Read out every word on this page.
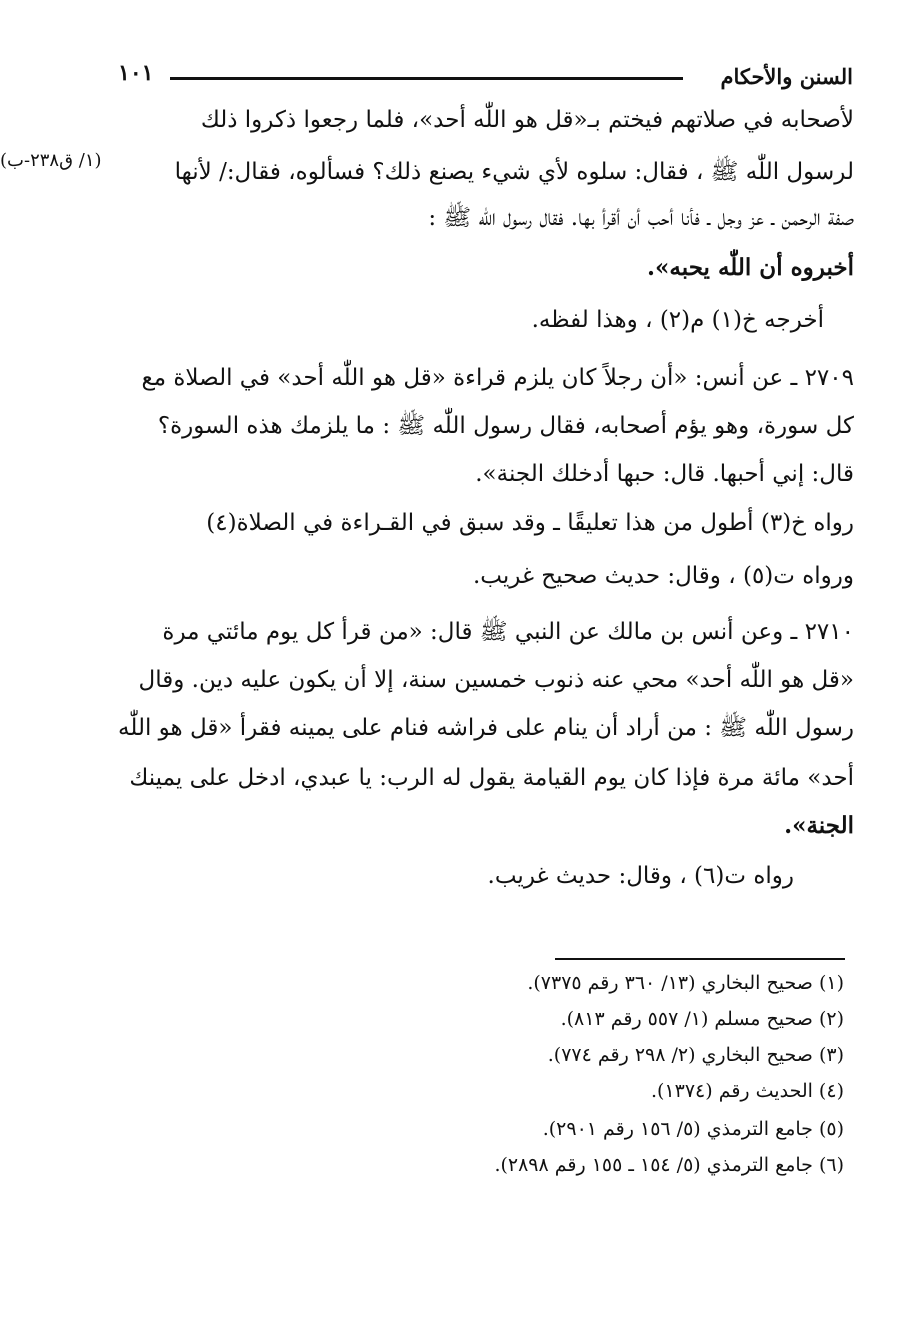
السنن والأحكام
١٠١
(١/ ق٢٣٨-ب)
لأصحابه في صلاتهم فيختم بـ«قل هو اللّٰه أحد»، فلما رجعوا ذكروا ذلك
لرسول اللّٰه ﷺ ، فقال: سلوه لأي شيء يصنع ذلك؟ فسألوه، فقال:/ لأنها
صفة الرحمن ـ عز وجل ـ فأنا أحب أن أقرأ بها. فقال رسول اللّٰه ﷺ :
أخبروه أن اللّٰه يحبه».
أخرجه خ(١) م(٢) ، وهذا لفظه.
٢٧٠٩ ـ عن أنس: «أن رجلاً كان يلزم قراءة «قل هو اللّٰه أحد» في الصلاة مع
كل سورة، وهو يؤم أصحابه، فقال رسول اللّٰه ﷺ : ما يلزمك هذه السورة؟
قال: إني أحبها. قال: حبها أدخلك الجنة».
رواه خ(٣) أطول من هذا تعليقًا ـ وقد سبق في القـراءة في الصلاة(٤)
ورواه ت(٥) ، وقال: حديث صحيح غريب.
٢٧١٠ ـ وعن أنس بن مالك عن النبي ﷺ قال: «من قرأ كل يوم مائتي مرة
«قل هو اللّٰه أحد» محي عنه ذنوب خمسين سنة، إلا أن يكون عليه دين. وقال
رسول اللّٰه ﷺ : من أراد أن ينام على فراشه فنام على يمينه فقرأ «قل هو اللّٰه
أحد» مائة مرة فإذا كان يوم القيامة يقول له الرب: يا عبدي، ادخل على يمينك
الجنة».
رواه ت(٦) ، وقال: حديث غريب.
(١) صحيح البخاري (١٣/ ٣٦٠ رقم ٧٣٧٥).
(٢) صحيح مسلم (١/ ٥٥٧ رقم ٨١٣).
(٣) صحيح البخاري (٢/ ٢٩٨ رقم ٧٧٤).
(٤) الحديث رقم (١٣٧٤).
(٥) جامع الترمذي (٥/ ١٥٦ رقم ٢٩٠١).
(٦) جامع الترمذي (٥/ ١٥٤ ـ ١٥٥ رقم ٢٨٩٨).
